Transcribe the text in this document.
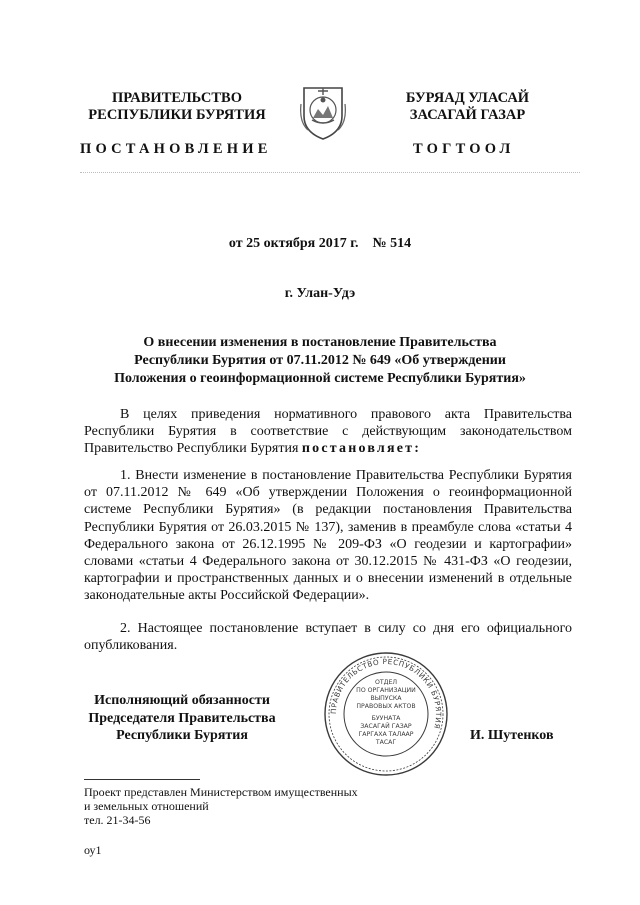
ПРАВИТЕЛЬСТВО
РЕСПУБЛИКИ БУРЯТИЯ
БУРЯАД УЛАСАЙ
ЗАСАГАЙ ГАЗАР
ПОСТАНОВЛЕНИЕ	ТОГТООЛ
от 25 октября 2017 г.    № 514
г. Улан-Удэ
О внесении изменения в постановление Правительства
Республики Бурятия от 07.11.2012 № 649 «Об утверждении
Положения о геоинформационной системе Республики Бурятия»
В целях приведения нормативного правового акта Правительства Республики Бурятия в соответствие с действующим законодательством Правительство Республики Бурятия постановляет:
1. Внести изменение в постановление Правительства Республики Бурятия от 07.11.2012 № 649 «Об утверждении Положения о геоинформационной системе Республики Бурятия» (в редакции постановления Правительства Республики Бурятия от 26.03.2015 № 137), заменив в преамбуле слова «статьи 4 Федерального закона от 26.12.1995 № 209-ФЗ «О геодезии и картографии» словами «статьи 4 Федерального закона от 30.12.2015 № 431-ФЗ «О геодезии, картографии и пространственных данных и о внесении изменений в отдельные законодательные акты Российской Федерации».
2. Настоящее постановление вступает в силу со дня его официального опубликования.
Исполняющий обязанности
Председателя Правительства
Республики Бурятия
ПРАВИТЕЛЬСТВО РЕСПУБЛИКИ БУРЯТИЯ
ОТДЕЛ
ПО ОРГАНИЗАЦИИ
ВЫПУСКА
ПРАВОВЫХ АКТОВ
БУУНАТА
ЗАСАГАЙ ГАЗАР
ГАРГАХА ТАЛААР
ТАСАГ	И. Шутенков
Проект представлен Министерством имущественных
и земельных отношений
тел. 21-34-56
оу1
